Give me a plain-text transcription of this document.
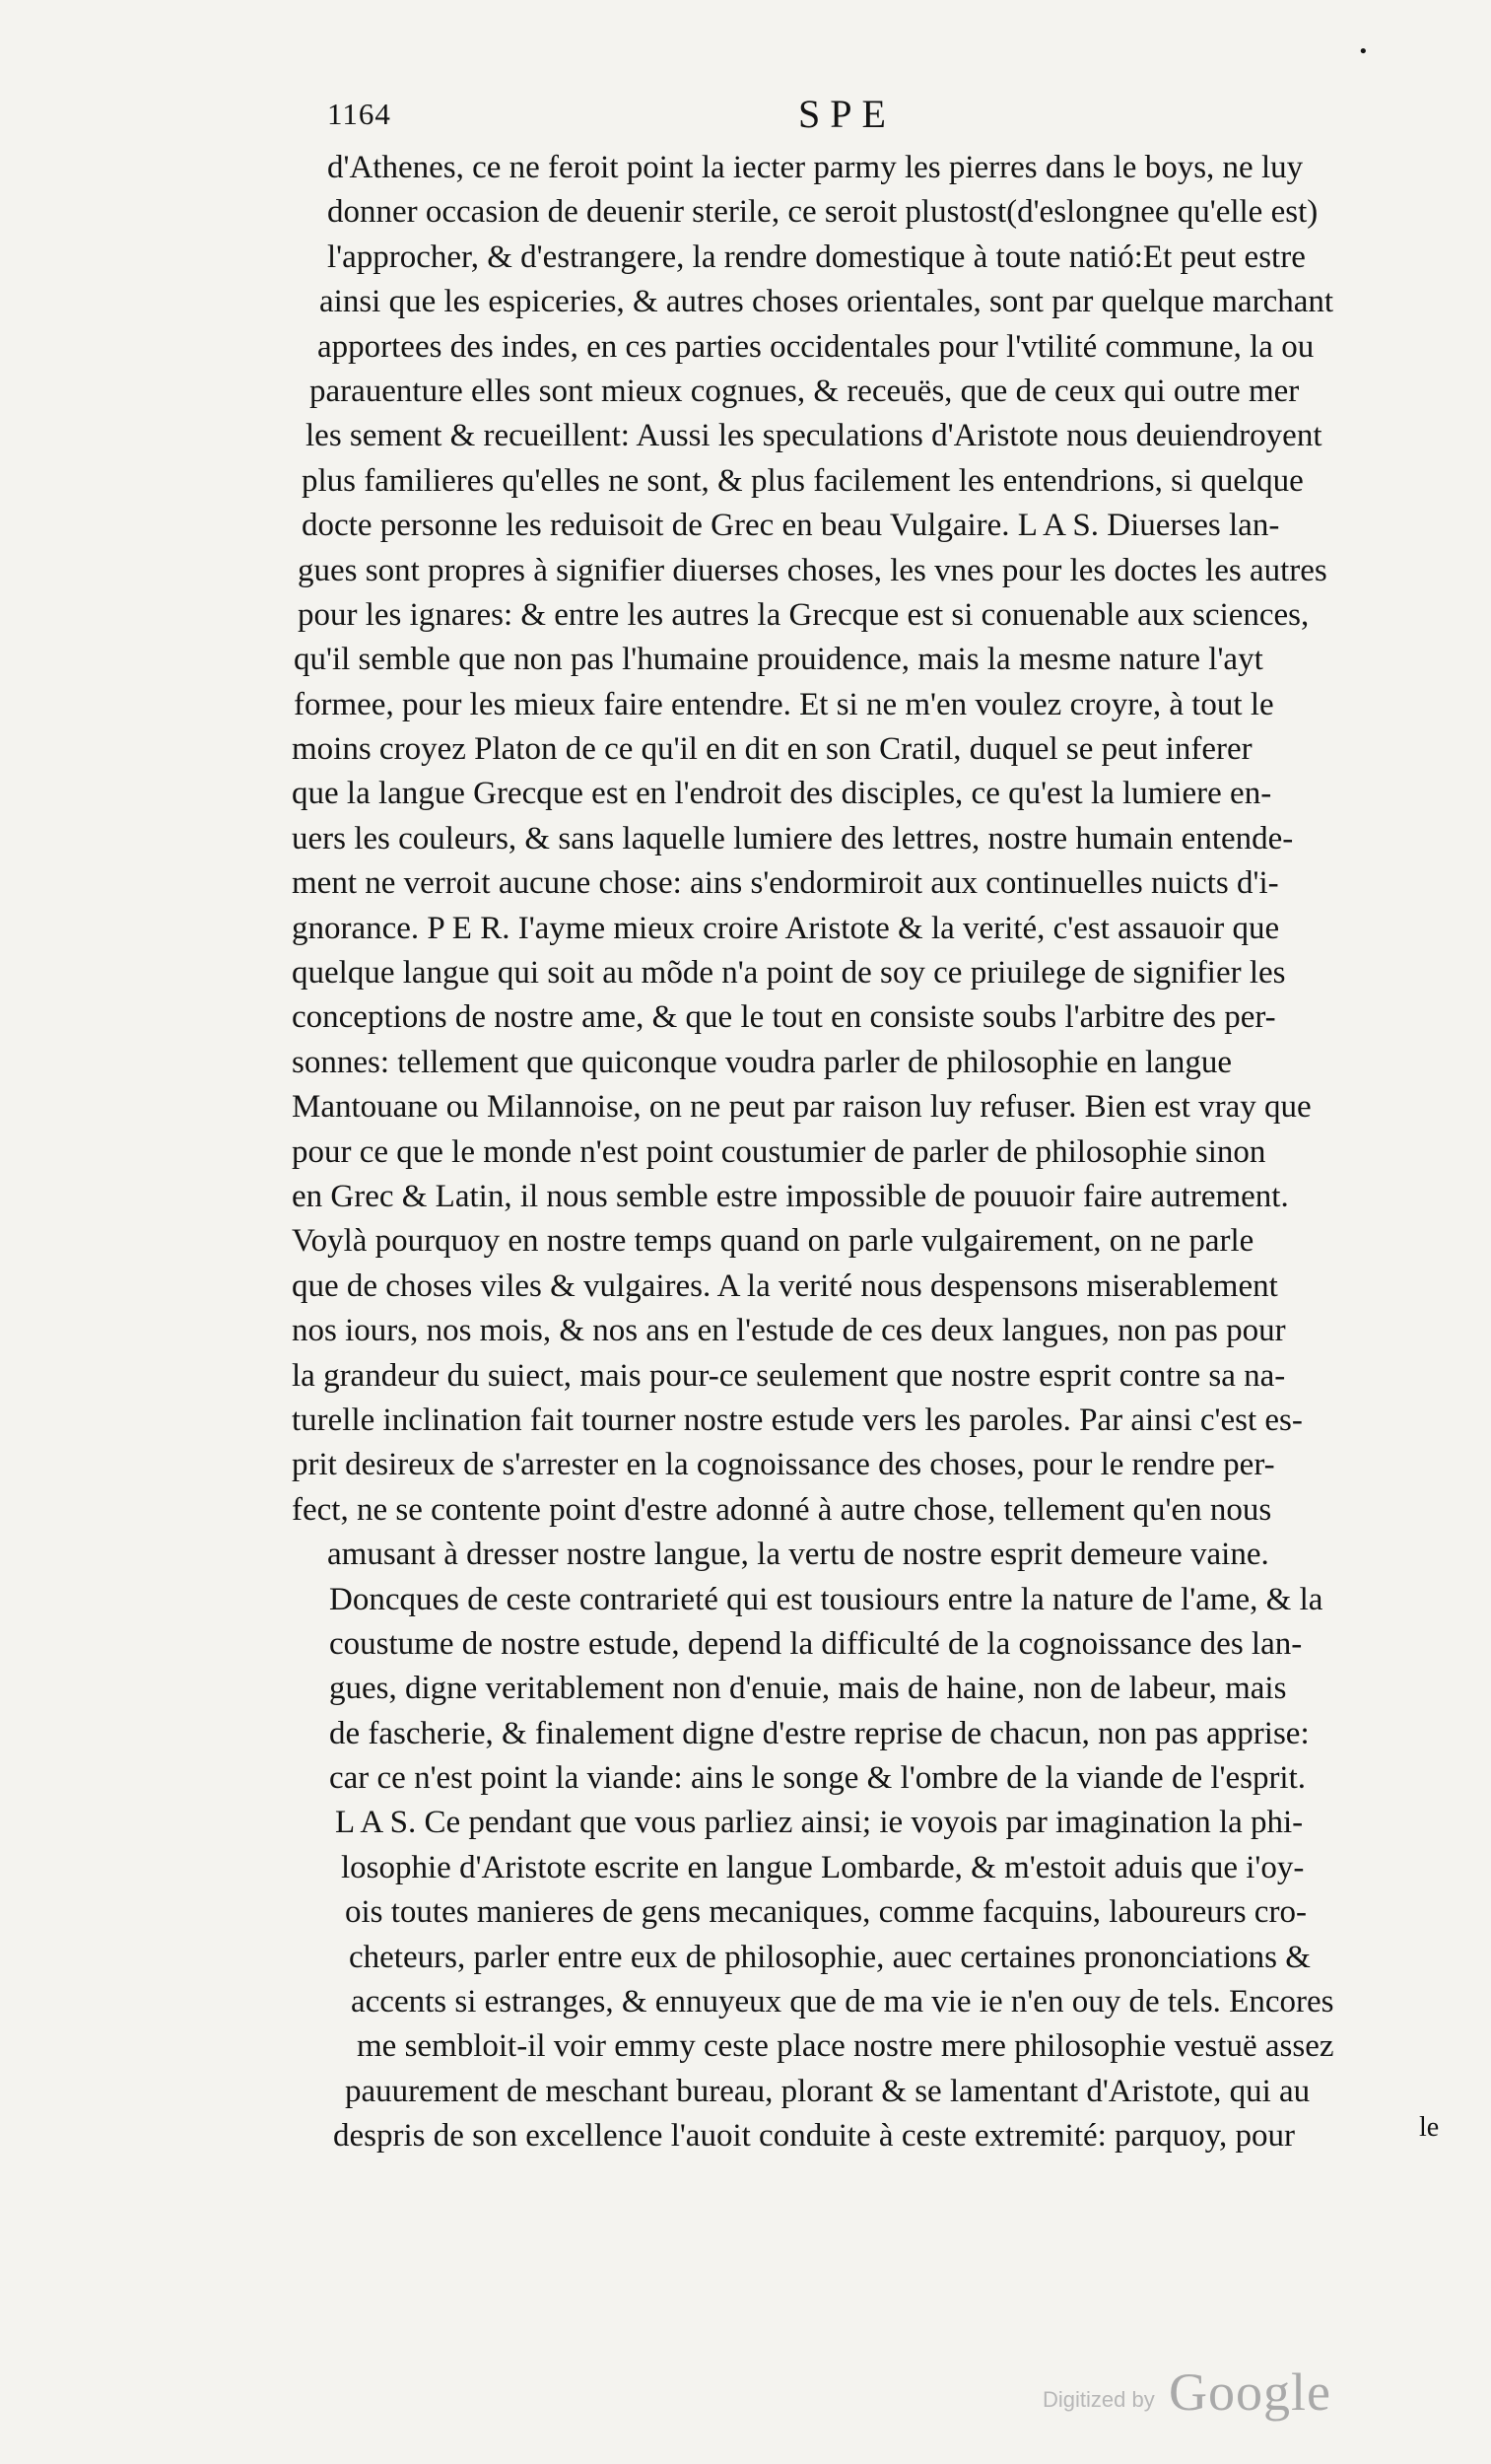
1164	SPE
•
d'Athenes, ce ne feroit point la iecter parmy les pierres dans le boys, ne luy
donner occasion de deuenir sterile, ce seroit plustost(d'eslongnee qu'elle est)
l'approcher, & d'estrangere, la rendre domestique à toute natió:Et peut estre
ainsi que les espiceries, & autres choses orientales, sont par quelque marchant
apportees des indes, en ces parties occidentales pour l'vtilité commune, la ou
parauenture elles sont mieux cognues, & receuës, que de ceux qui outre mer
les sement & recueillent: Aussi les speculations d'Aristote nous deuiendroyent
plus familieres qu'elles ne sont, & plus facilement les entendrions, si quelque
docte personne les reduisoit de Grec en beau Vulgaire. L A S. Diuerses lan-
gues sont propres à signifier diuerses choses, les vnes pour les doctes les autres
pour les ignares: & entre les autres la Grecque est si conuenable aux sciences,
qu'il semble que non pas l'humaine prouidence, mais la mesme nature l'ayt
formee, pour les mieux faire entendre. Et si ne m'en voulez croyre, à tout le
moins croyez Platon de ce qu'il en dit en son Cratil, duquel se peut inferer
que la langue Grecque est en l'endroit des disciples, ce qu'est la lumiere en-
uers les couleurs, & sans laquelle lumiere des lettres, nostre humain entende-
ment ne verroit aucune chose: ains s'endormiroit aux continuelles nuicts d'i-
gnorance. P E R. I'ayme mieux croire Aristote & la verité, c'est assauoir que
quelque langue qui soit au mõde n'a point de soy ce priuilege de signifier les
conceptions de nostre ame, & que le tout en consiste soubs l'arbitre des per-
sonnes: tellement que quiconque voudra parler de philosophie en langue
Mantouane ou Milannoise, on ne peut par raison luy refuser. Bien est vray que
pour ce que le monde n'est point coustumier de parler de philosophie sinon
en Grec & Latin, il nous semble estre impossible de pouuoir faire autrement.
Voylà pourquoy en nostre temps quand on parle vulgairement, on ne parle
que de choses viles & vulgaires. A la verité nous despensons miserablement
nos iours, nos mois, & nos ans en l'estude de ces deux langues, non pas pour
la grandeur du suiect, mais pour-ce seulement que nostre esprit contre sa na-
turelle inclination fait tourner nostre estude vers les paroles. Par ainsi c'est es-
prit desireux de s'arrester en la cognoissance des choses, pour le rendre per-
fect, ne se contente point d'estre adonné à autre chose, tellement qu'en nous
amusant à dresser nostre langue, la vertu de nostre esprit demeure vaine.
Doncques de ceste contrarieté qui est tousiours entre la nature de l'ame, & la
coustume de nostre estude, depend la difficulté de la cognoissance des lan-
gues, digne veritablement non d'enuie, mais de haine, non de labeur, mais
de fascherie, & finalement digne d'estre reprise de chacun, non pas apprise:
car ce n'est point la viande: ains le songe & l'ombre de la viande de l'esprit.
L A S. Ce pendant que vous parliez ainsi; ie voyois par imagination la phi-
losophie d'Aristote escrite en langue Lombarde, & m'estoit aduis que i'oy-
ois toutes manieres de gens mecaniques, comme facquins, laboureurs cro-
cheteurs, parler entre eux de philosophie, auec certaines prononciations &
accents si estranges, & ennuyeux que de ma vie ie n'en ouy de tels. Encores
me sembloit-il voir emmy ceste place nostre mere philosophie vestuë assez
pauurement de meschant bureau, plorant & se lamentant d'Aristote, qui au
despris de son excellence l'auoit conduite à ceste extremité: parquoy, pour	le
Digitized by Google
